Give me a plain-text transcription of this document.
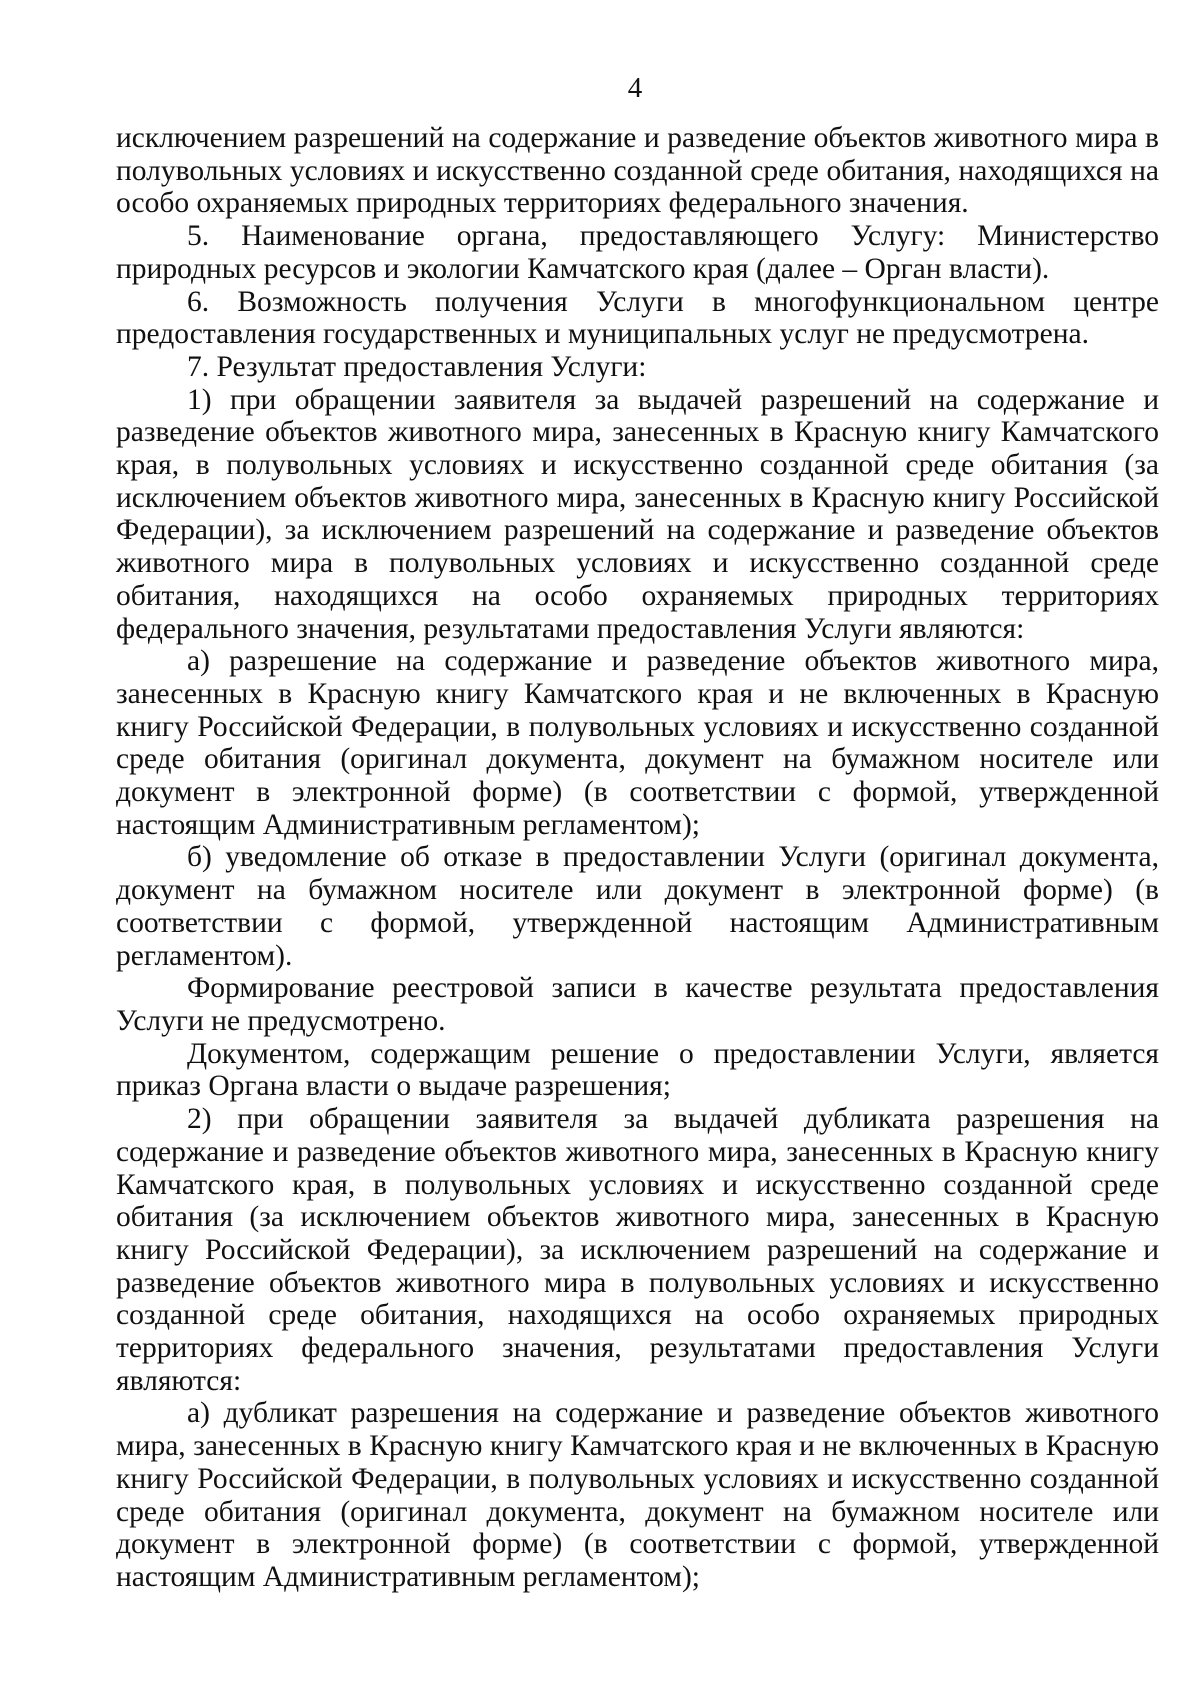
4

исключением разрешений на содержание и разведение объектов животного мира в полувольных условиях и искусственно созданной среде обитания, находящихся на особо охраняемых природных территориях федерального значения.

5. Наименование органа, предоставляющего Услугу: Министерство природных ресурсов и экологии Камчатского края (далее – Орган власти).

6. Возможность получения Услуги в многофункциональном центре предоставления государственных и муниципальных услуг не предусмотрена.

7. Результат предоставления Услуги:

1) при обращении заявителя за выдачей разрешений на содержание и разведение объектов животного мира, занесенных в Красную книгу Камчатского края, в полувольных условиях и искусственно созданной среде обитания (за исключением объектов животного мира, занесенных в Красную книгу Российской Федерации), за исключением разрешений на содержание и разведение объектов животного мира в полувольных условиях и искусственно созданной среде обитания, находящихся на особо охраняемых природных территориях федерального значения, результатами предоставления Услуги являются:

а) разрешение на содержание и разведение объектов животного мира, занесенных в Красную книгу Камчатского края и не включенных в Красную книгу Российской Федерации, в полувольных условиях и искусственно созданной среде обитания (оригинал документа, документ на бумажном носителе или документ в электронной форме) (в соответствии с формой, утвержденной настоящим Административным регламентом);

б) уведомление об отказе в предоставлении Услуги (оригинал документа, документ на бумажном носителе или документ в электронной форме) (в соответствии с формой, утвержденной настоящим Административным регламентом).

Формирование реестровой записи в качестве результата предоставления Услуги не предусмотрено.

Документом, содержащим решение о предоставлении Услуги, является приказ Органа власти о выдаче разрешения;

2) при обращении заявителя за выдачей дубликата разрешения на содержание и разведение объектов животного мира, занесенных в Красную книгу Камчатского края, в полувольных условиях и искусственно созданной среде обитания (за исключением объектов животного мира, занесенных в Красную книгу Российской Федерации), за исключением разрешений на содержание и разведение объектов животного мира в полувольных условиях и искусственно созданной среде обитания, находящихся на особо охраняемых природных территориях федерального значения, результатами предоставления Услуги являются:

а) дубликат разрешения на содержание и разведение объектов животного мира, занесенных в Красную книгу Камчатского края и не включенных в Красную книгу Российской Федерации, в полувольных условиях и искусственно созданной среде обитания (оригинал документа, документ на бумажном носителе или документ в электронной форме) (в соответствии с формой, утвержденной настоящим Административным регламентом);
